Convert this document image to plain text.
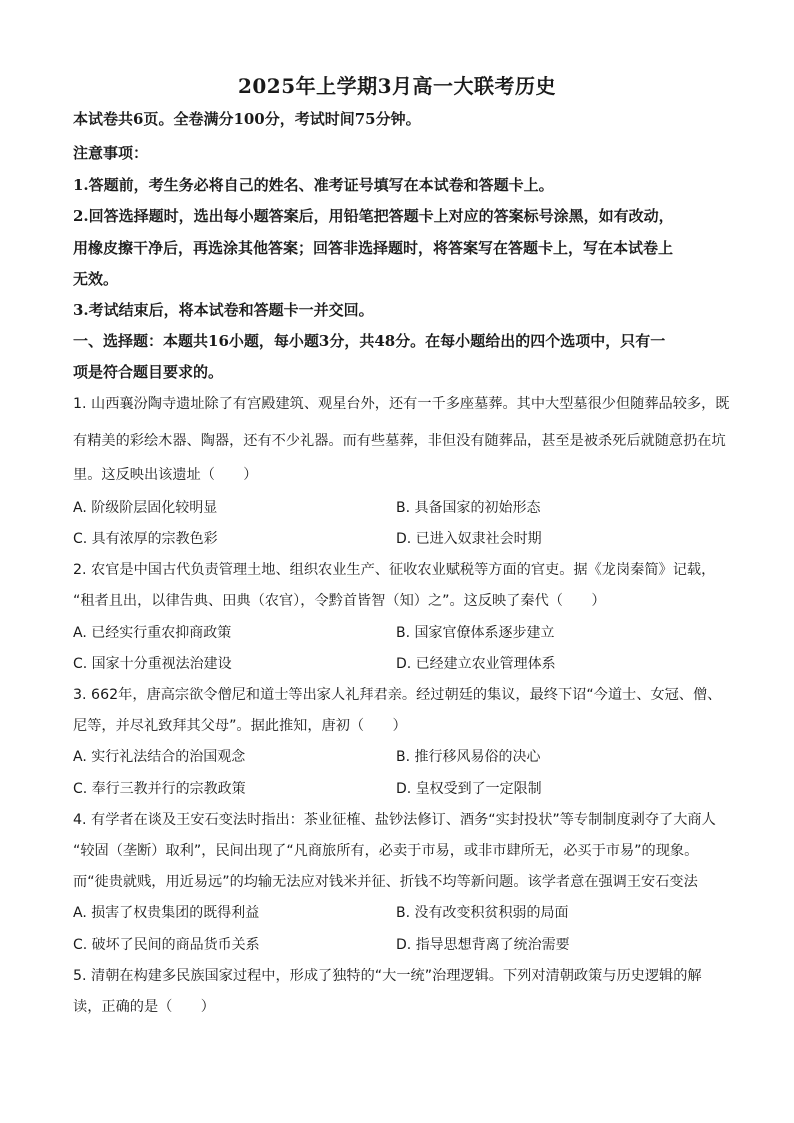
2025年上学期3月高一大联考历史
本试卷共6页。全卷满分100分，考试时间75分钟。
注意事项：
1.答题前，考生务必将自己的姓名、准考证号填写在本试卷和答题卡上。
2.回答选择题时，选出每小题答案后，用铅笔把答题卡上对应的答案标号涂黑，如有改动，
用橡皮擦干净后，再选涂其他答案；回答非选择题时，将答案写在答题卡上，写在本试卷上
无效。
3.考试结束后，将本试卷和答题卡一并交回。
一、选择题：本题共16小题，每小题3分，共48分。在每小题给出的四个选项中，只有一
项是符合题目要求的。
1. 山西襄汾陶寺遗址除了有宫殿建筑、观星台外，还有一千多座墓葬。其中大型墓很少但随葬品较多，既
有精美的彩绘木器、陶器，还有不少礼器。而有些墓葬，非但没有随葬品，甚至是被杀死后就随意扔在坑
里。这反映出该遗址（　　）
A. 阶级阶层固化较明显	B. 具备国家的初始形态
C. 具有浓厚的宗教色彩	D. 已进入奴隶社会时期
2. 农官是中国古代负责管理土地、组织农业生产、征收农业赋税等方面的官吏。据《龙岗秦简》记载，
“租者且出，以律告典、田典（农官），令黔首皆智（知）之”。这反映了秦代（　　）
A. 已经实行重农抑商政策	B. 国家官僚体系逐步建立
C. 国家十分重视法治建设	D. 已经建立农业管理体系
3. 662年，唐高宗欲令僧尼和道士等出家人礼拜君亲。经过朝廷的集议，最终下诏“今道士、女冠、僧、
尼等，并尽礼致拜其父母”。据此推知，唐初（　　）
A. 实行礼法结合的治国观念	B. 推行移风易俗的决心
C. 奉行三教并行的宗教政策	D. 皇权受到了一定限制
4. 有学者在谈及王安石变法时指出：茶业征榷、盐钞法修订、酒务“实封投状”等专制制度剥夺了大商人
“较固（垄断）取利”，民间出现了“凡商旅所有，必卖于市易，或非市肆所无，必买于市易”的现象。
而“徙贵就贱，用近易远”的均输无法应对钱米并征、折钱不均等新问题。该学者意在强调王安石变法
A. 损害了权贵集团的既得利益	B. 没有改变积贫积弱的局面
C. 破坏了民间的商品货币关系	D. 指导思想背离了统治需要
5. 清朝在构建多民族国家过程中，形成了独特的“大一统”治理逻辑。下列对清朝政策与历史逻辑的解
读，正确的是（　　）
